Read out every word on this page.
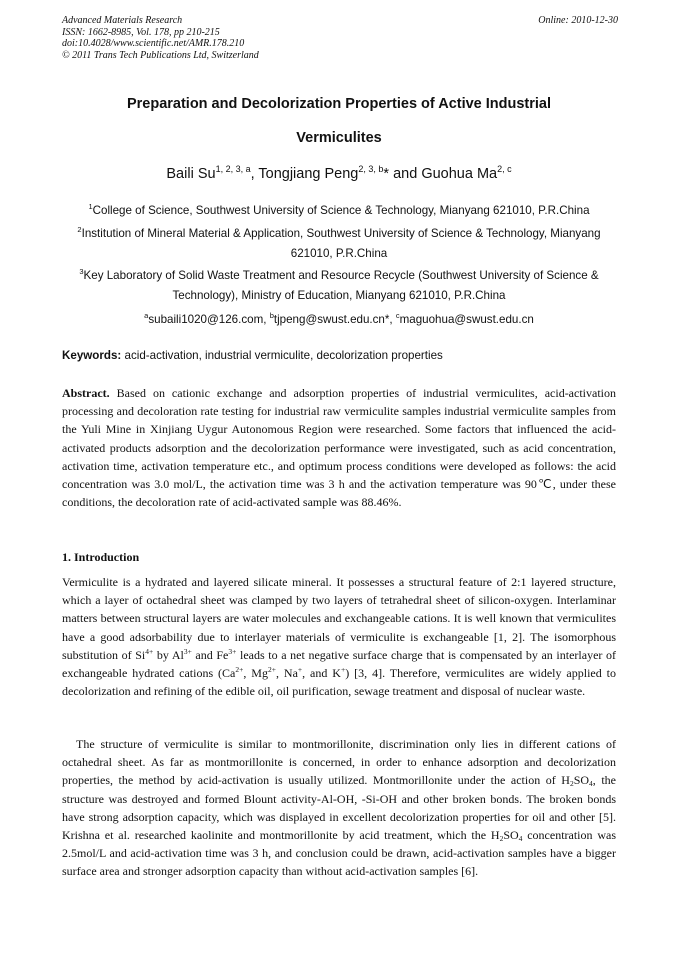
Advanced Materials Research
ISSN: 1662-8985, Vol. 178, pp 210-215
doi:10.4028/www.scientific.net/AMR.178.210
© 2011 Trans Tech Publications Ltd, Switzerland
Online: 2010-12-30
Preparation and Decolorization Properties of Active Industrial
Vermiculites
Baili Su$^{1, 2, 3, a}$, Tongjiang Peng$^{2, 3, b}$* and Guohua Ma$^{2, c}$
$^1$College of Science, Southwest University of Science & Technology, Mianyang 621010, P.R.China
$^2$Institution of Mineral Material & Application, Southwest University of Science & Technology, Mianyang 621010, P.R.China
$^3$Key Laboratory of Solid Waste Treatment and Resource Recycle (Southwest University of Science & Technology), Ministry of Education, Mianyang 621010, P.R.China
$^a$subaili1020@126.com, $^b$tjpeng@swust.edu.cn*, $^c$maguohua@swust.edu.cn
Keywords: acid-activation, industrial vermiculite, decolorization properties
Abstract. Based on cationic exchange and adsorption properties of industrial vermiculites, acid-activation processing and decoloration rate testing for industrial raw vermiculite samples industrial vermiculite samples from the Yuli Mine in Xinjiang Uygur Autonomous Region were researched. Some factors that influenced the acid-activated products adsorption and the decolorization performance were investigated, such as acid concentration, activation time, activation temperature etc., and optimum process conditions were developed as follows: the acid concentration was 3.0 mol/L, the activation time was 3 h and the activation temperature was 90℃, under these conditions, the decoloration rate of acid-activated sample was 88.46%.
1. Introduction
Vermiculite is a hydrated and layered silicate mineral. It possesses a structural feature of 2:1 layered structure, which a layer of octahedral sheet was clamped by two layers of tetrahedral sheet of silicon-oxygen. Interlaminar matters between structural layers are water molecules and exchangeable cations. It is well known that vermiculites have a good adsorbability due to interlayer materials of vermiculite is exchangeable [1, 2]. The isomorphous substitution of $Si^{4+}$ by $Al^{3+}$ and $Fe^{3+}$ leads to a net negative surface charge that is compensated by an interlayer of exchangeable hydrated cations ($Ca^{2+}$, $Mg^{2+}$, Na+, and K+) [3, 4]. Therefore, vermiculites are widely applied to decolorization and refining of the edible oil, oil purification, sewage treatment and disposal of nuclear waste.
The structure of vermiculite is similar to montmorillonite, discrimination only lies in different cations of octahedral sheet. As far as montmorillonite is concerned, in order to enhance adsorption and decolorization properties, the method by acid-activation is usually utilized. Montmorillonite under the action of $H_2SO_4$, the structure was destroyed and formed Blount activity-Al-OH, -Si-OH and other broken bonds. The broken bonds have strong adsorption capacity, which was displayed in excellent decolorization properties for oil and other [5]. Krishna et al. researched kaolinite and montmorillonite by acid treatment, which the $H_2SO_4$ concentration was 2.5mol/L and acid-activation time was 3 h, and conclusion could be drawn, acid-activation samples have a bigger surface area and stronger adsorption capacity than without acid-activation samples [6].
